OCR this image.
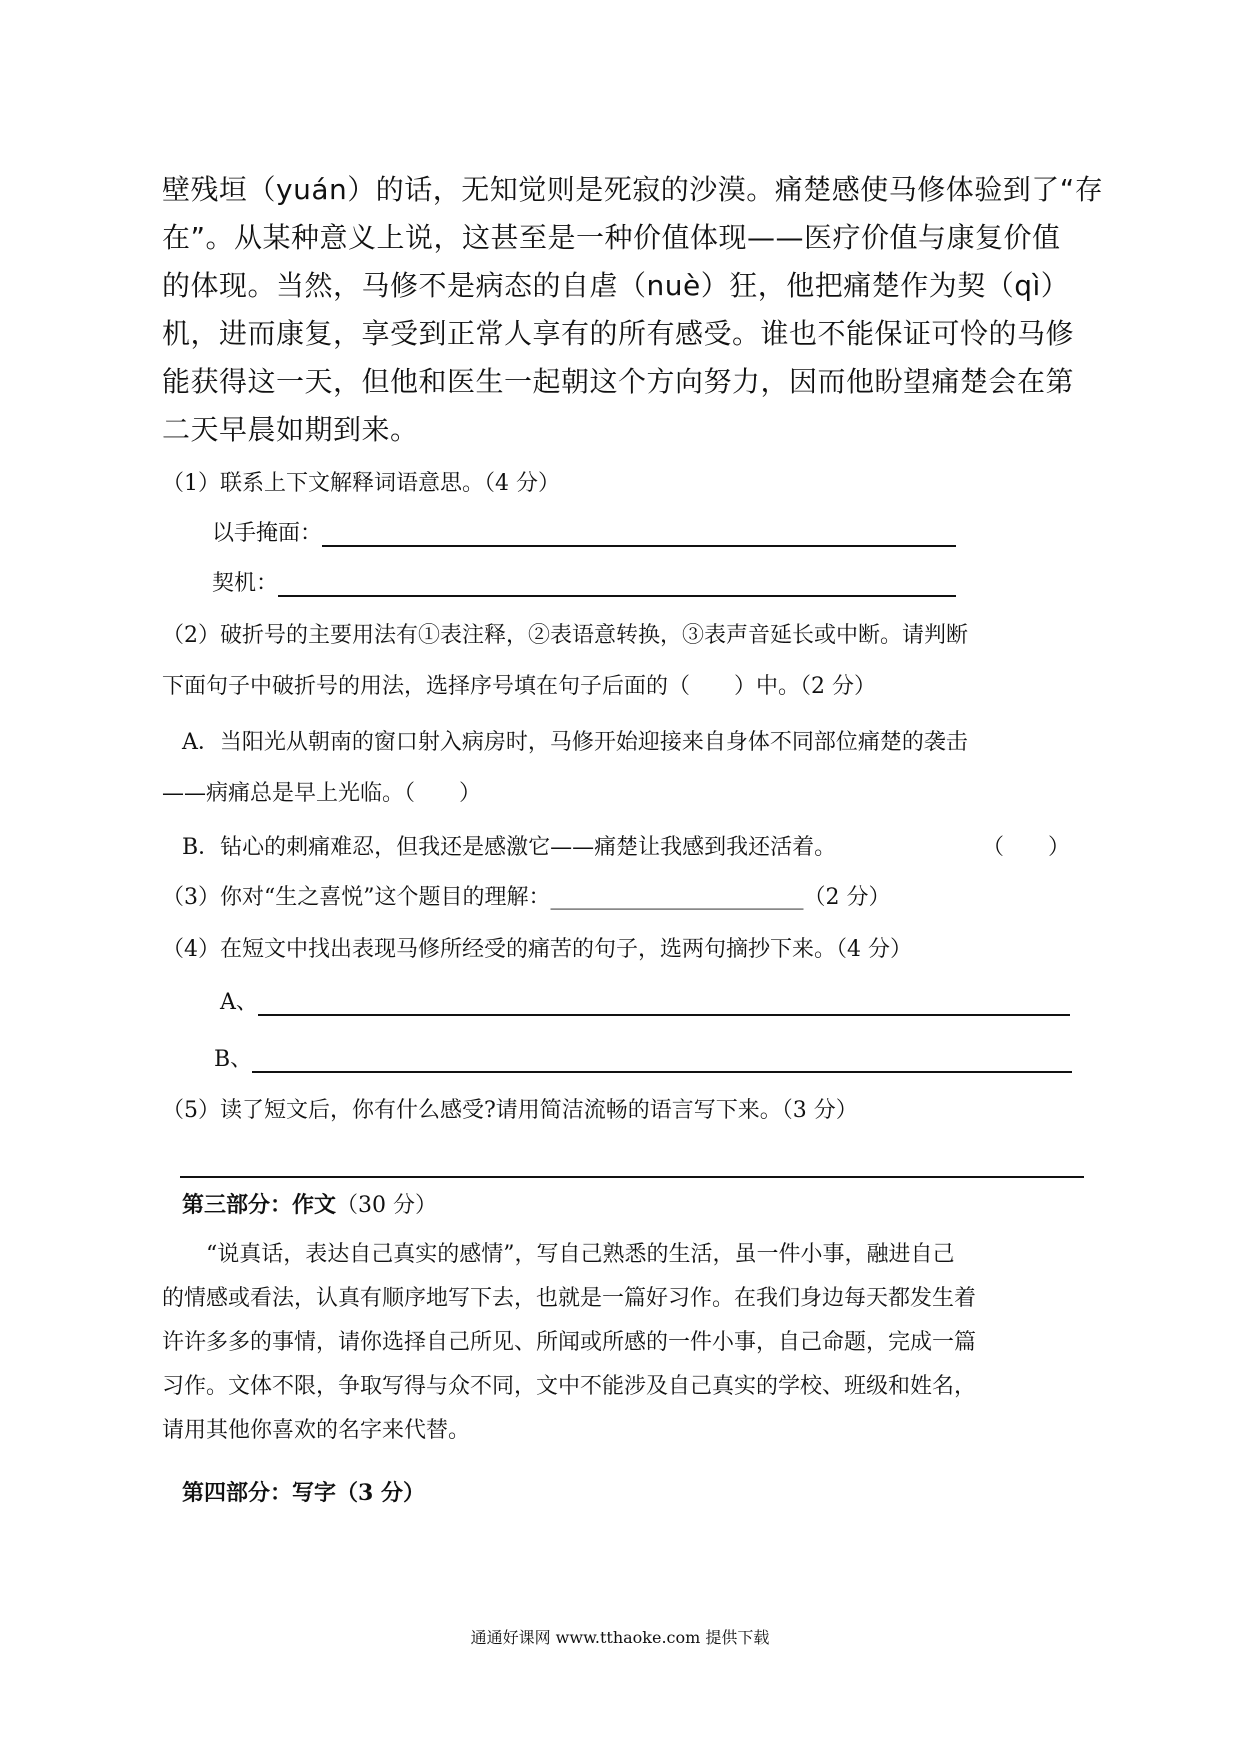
壁残垣（yuán）的话，无知觉则是死寂的沙漠。痛楚感使马修体验到了“存

在”。从某种意义上说，这甚至是一种价值体现——医疗价值与康复价值

的体现。当然，马修不是病态的自虐（nuè）狂，他把痛楚作为契（qì）

机，进而康复，享受到正常人享有的所有感受。谁也不能保证可怜的马修

能获得这一天，但他和医生一起朝这个方向努力，因而他盼望痛楚会在第

二天早晨如期到来。

（1）联系上下文解释词语意思。（4 分）
以手掩面：
契机：
（2）破折号的主要用法有①表注释，②表语意转换，③表声音延长或中断。请判断
下面句子中破折号的用法，选择序号填在句子后面的（　　）中。（2 分）
A．当阳光从朝南的窗口射入病房时，马修开始迎接来自身体不同部位痛楚的袭击
——病痛总是早上光临。（　　）
B．钻心的刺痛难忍，但我还是感激它——痛楚让我感到我还活着。	（　　）
（3）你对“生之喜悦”这个题目的理解：_______________________（2 分）
（4）在短文中找出表现马修所经受的痛苦的句子，选两句摘抄下来。（4 分）
A、
B、
（5）读了短文后，你有什么感受?请用简洁流畅的语言写下来。（3 分）
第三部分：作文（30 分）

“说真话，表达自己真实的感情”，写自己熟悉的生活，虽一件小事，融进自己

的情感或看法，认真有顺序地写下去，也就是一篇好习作。在我们身边每天都发生着

许许多多的事情，请你选择自己所见、所闻或所感的一件小事，自己命题，完成一篇

习作。文体不限，争取写得与众不同，文中不能涉及自己真实的学校、班级和姓名，

请用其他你喜欢的名字来代替。

第四部分：写字（3 分）
通通好课网 www.tthaoke.com 提供下载
